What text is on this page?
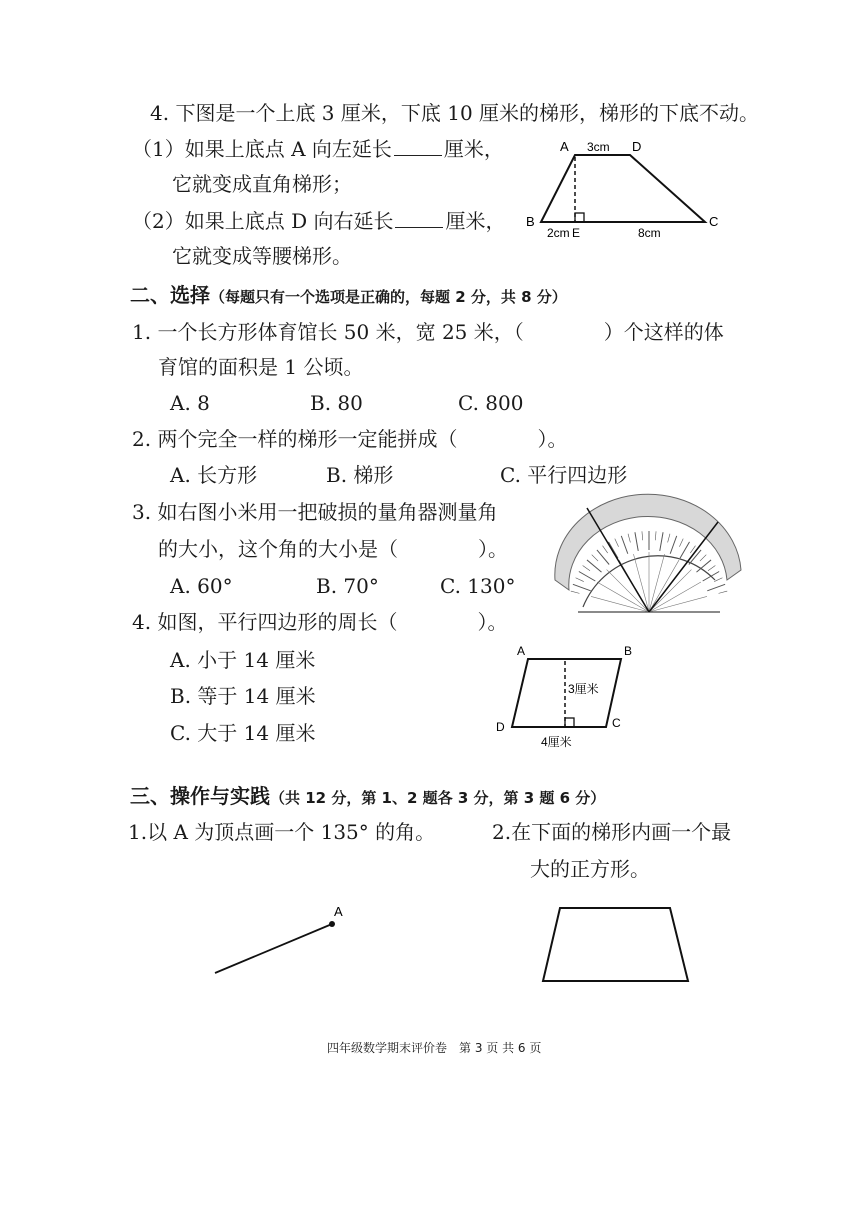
4. 下图是一个上底 3 厘米，下底 10 厘米的梯形，梯形的下底不动。
（1）如果上底点 A 向左延长	厘米，
它就变成直角梯形；
（2）如果上底点 D 向右延长	厘米，
它就变成等腰梯形。
A 3cm D
B	C
2cm E	8cm
二、选择（每题只有一个选项是正确的，每题 2 分，共 8 分）
1. 一个长方形体育馆长 50 米，宽 25 米，（　　　　）个这样的体
育馆的面积是 1 公顷。
A. 8	B. 80	C. 800
2. 两个完全一样的梯形一定能拼成（　　　　）。
A. 长方形	B. 梯形	C. 平行四边形
3. 如右图小米用一把破损的量角器测量角
的大小，这个角的大小是（　　　　）。
A. 60°	B. 70°	C. 130°
4. 如图，平行四边形的周长（　　　　）。
A. 小于 14 厘米
B. 等于 14 厘米
C. 大于 14 厘米
A	B
C
D
3厘米
4厘米
三、操作与实践（共 12 分，第 1、2 题各 3 分，第 3 题 6 分）
1.以 A 为顶点画一个 135° 的角。	2.在下面的梯形内画一个最
大的正方形。
A
四年级数学期末评价卷　第 3 页 共 6 页
